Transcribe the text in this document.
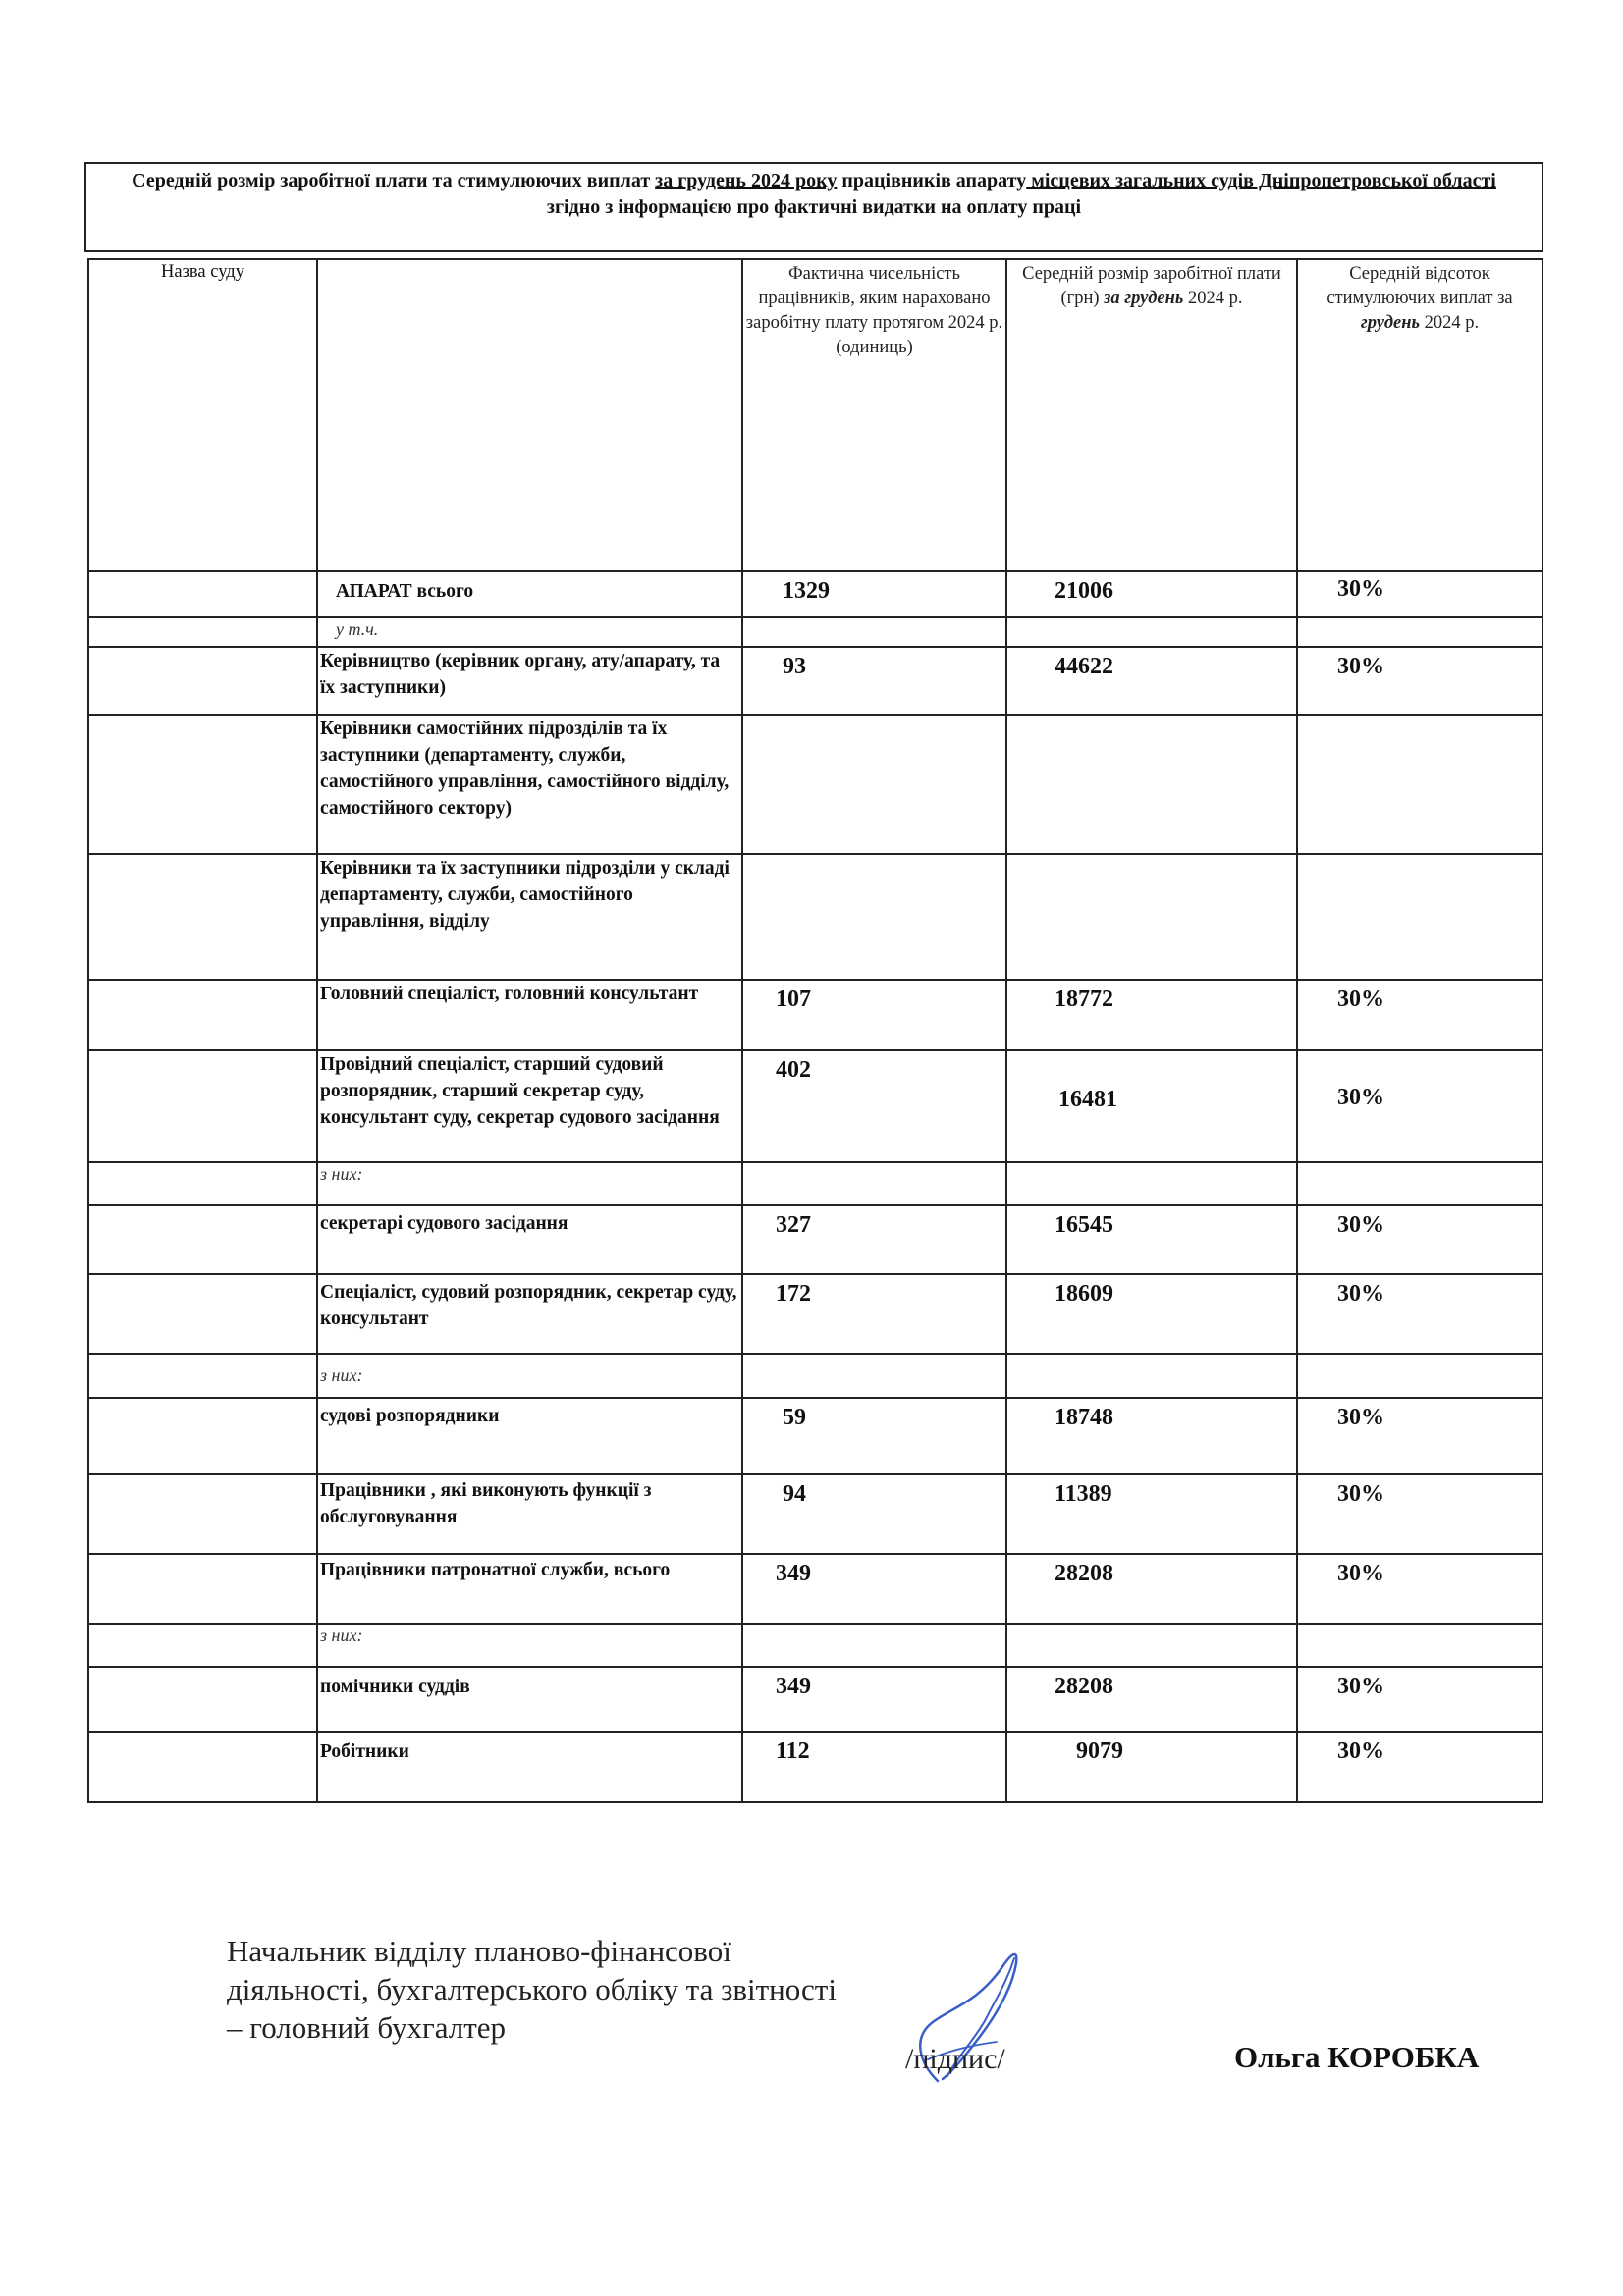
Середній розмір заробітної плати та стимулюючих виплат за грудень 2024 року працівників апарату місцевих загальних судів Дніпропетровської області
згідно з інформацією про фактичні видатки на оплату праці
Назва суду		Фактична чисельність працівників, яким нараховано заробітну плату протягом 2024 р. (одиниць)	Середній розмір заробітної плати (грн) за грудень 2024 р.	Середній відсоток стимулюючих виплат за грудень 2024 р.
	АПАРАТ всього	1329	21006	30%
	у т.ч.			
	Керівництво (керівник органу, ату/апарату, та їх заступники)	93	44622	30%
	Керівники самостійних підрозділів та їх заступники (департаменту, служби, самостійного управління, самостійного відділу, самостійного сектору)			
	Керівники та їх заступники підрозділи у складі департаменту, служби, самостійного управління, відділу			
	Головний спеціаліст, головний консультант	107	18772	30%
	Провідний спеціаліст, старший судовий розпорядник, старший секретар суду, консультант суду, секретар судового засідання	402	16481	30%
	з них:			
	секретарі судового засідання	327	16545	30%
	Спеціаліст, судовий розпорядник, секретар суду, консультант	172	18609	30%
	з них:			
	судові розпорядники	59	18748	30%
	Працівники , які виконують функції з обслуговування	94	11389	30%
	Працівники патронатної служби, всього	349	28208	30%
	з них:			
	помічники суддів	349	28208	30%
	Робітники	112	9079	30%
Начальник відділу планово-фінансової діяльності, бухгалтерського обліку та звітності – головний бухгалтер
/підпис/	Ольга КОРОБКА
